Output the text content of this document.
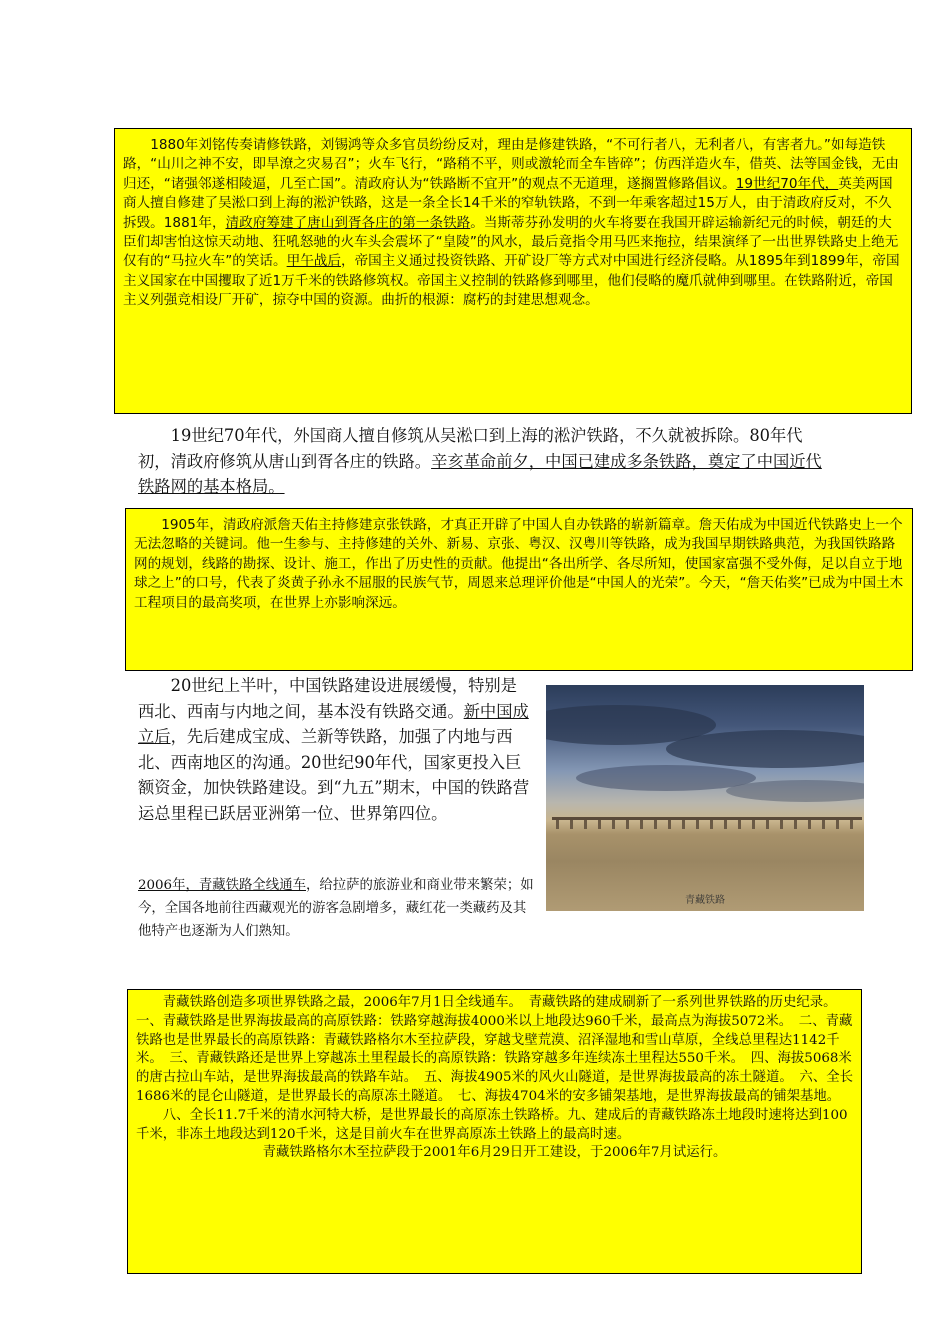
1880年刘铭传奏请修铁路，刘锡鸿等众多官员纷纷反对，理由是修建铁路，“不可行者八，无利者八，有害者九。”如每造铁路，“山川之神不安，即旱潦之灾易召”；火车飞行，“路稍不平，则或激轮而全车皆碎”；仿西洋造火车，借英、法等国金钱，无由归还，“诸强邻遂相陵逼，几至亡国”。清政府认为“铁路断不宜开”的观点不无道理，遂搁置修路倡议。19世纪70年代，英美两国商人擅自修建了吴淞口到上海的淞沪铁路，这是一条全长14千米的窄轨铁路，不到一年乘客超过15万人，由于清政府反对，不久拆毁。1881年，清政府筹建了唐山到胥各庄的第一条铁路。当斯蒂芬孙发明的火车将要在我国开辟运输新纪元的时候，朝廷的大臣们却害怕这惊天动地、狂吼怒驰的火车头会震坏了“皇陵”的风水，最后竟指令用马匹来拖拉，结果演绎了一出世界铁路史上绝无仅有的“马拉火车”的笑话。甲午战后，帝国主义通过投资铁路、开矿设厂等方式对中国进行经济侵略。从1895年到1899年，帝国主义国家在中国攫取了近1万千米的铁路修筑权。帝国主义控制的铁路修到哪里，他们侵略的魔爪就伸到哪里。在铁路附近，帝国主义列强竞相设厂开矿，掠夺中国的资源。曲折的根源：腐朽的封建思想观念。

19世纪70年代，外国商人擅自修筑从吴淞口到上海的淞沪铁路，不久就被拆除。80年代初，清政府修筑从唐山到胥各庄的铁路。辛亥革命前夕，中国已建成多条铁路，奠定了中国近代铁路网的基本格局。

1905年，清政府派詹天佑主持修建京张铁路，才真正开辟了中国人自办铁路的崭新篇章。詹天佑成为中国近代铁路史上一个无法忽略的关键词。他一生参与、主持修建的关外、新易、京张、粤汉、汉粤川等铁路，成为我国早期铁路典范，为我国铁路路网的规划，线路的勘探、设计、施工，作出了历史性的贡献。他提出“各出所学、各尽所知，使国家富强不受外侮，足以自立于地球之上”的口号，代表了炎黄子孙永不屈服的民族气节，周恩来总理评价他是“中国人的光荣”。今天，“詹天佑奖”已成为中国土木工程项目的最高奖项，在世界上亦影响深远。

20世纪上半叶，中国铁路建设进展缓慢，特别是西北、西南与内地之间，基本没有铁路交通。新中国成立后，先后建成宝成、兰新等铁路，加强了内地与西北、西南地区的沟通。20世纪90年代，国家更投入巨额资金，加快铁路建设。到“九五”期末，中国的铁路营运总里程已跃居亚洲第一位、世界第四位。

青藏铁路

2006年，青藏铁路全线通车，给拉萨的旅游业和商业带来繁荣；如今，全国各地前往西藏观光的游客急剧增多，藏红花一类藏药及其他特产也逐渐为人们熟知。

青藏铁路创造多项世界铁路之最，2006年7月1日全线通车。　青藏铁路的建成刷新了一系列世界铁路的历史纪录。　一、青藏铁路是世界海拔最高的高原铁路：铁路穿越海拔4000米以上地段达960千米，最高点为海拔5072米。　二、青藏铁路也是世界最长的高原铁路：青藏铁路格尔木至拉萨段，穿越戈壁荒漠、沼泽湿地和雪山草原，全线总里程达1142千米。　三、青藏铁路还是世界上穿越冻土里程最长的高原铁路：铁路穿越多年连续冻土里程达550千米。　四、海拔5068米的唐古拉山车站，是世界海拔最高的铁路车站。　五、海拔4905米的风火山隧道，是世界海拔最高的冻土隧道。　六、全长1686米的昆仑山隧道，是世界最长的高原冻土隧道。　七、海拔4704米的安多铺架基地，是世界海拔最高的铺架基地。

八、全长11.7千米的清水河特大桥，是世界最长的高原冻土铁路桥。九、建成后的青藏铁路冻土地段时速将达到100千米，非冻土地段达到120千米，这是目前火车在世界高原冻土铁路上的最高时速。

青藏铁路格尔木至拉萨段于2001年6月29日开工建设，于2006年7月试运行。
